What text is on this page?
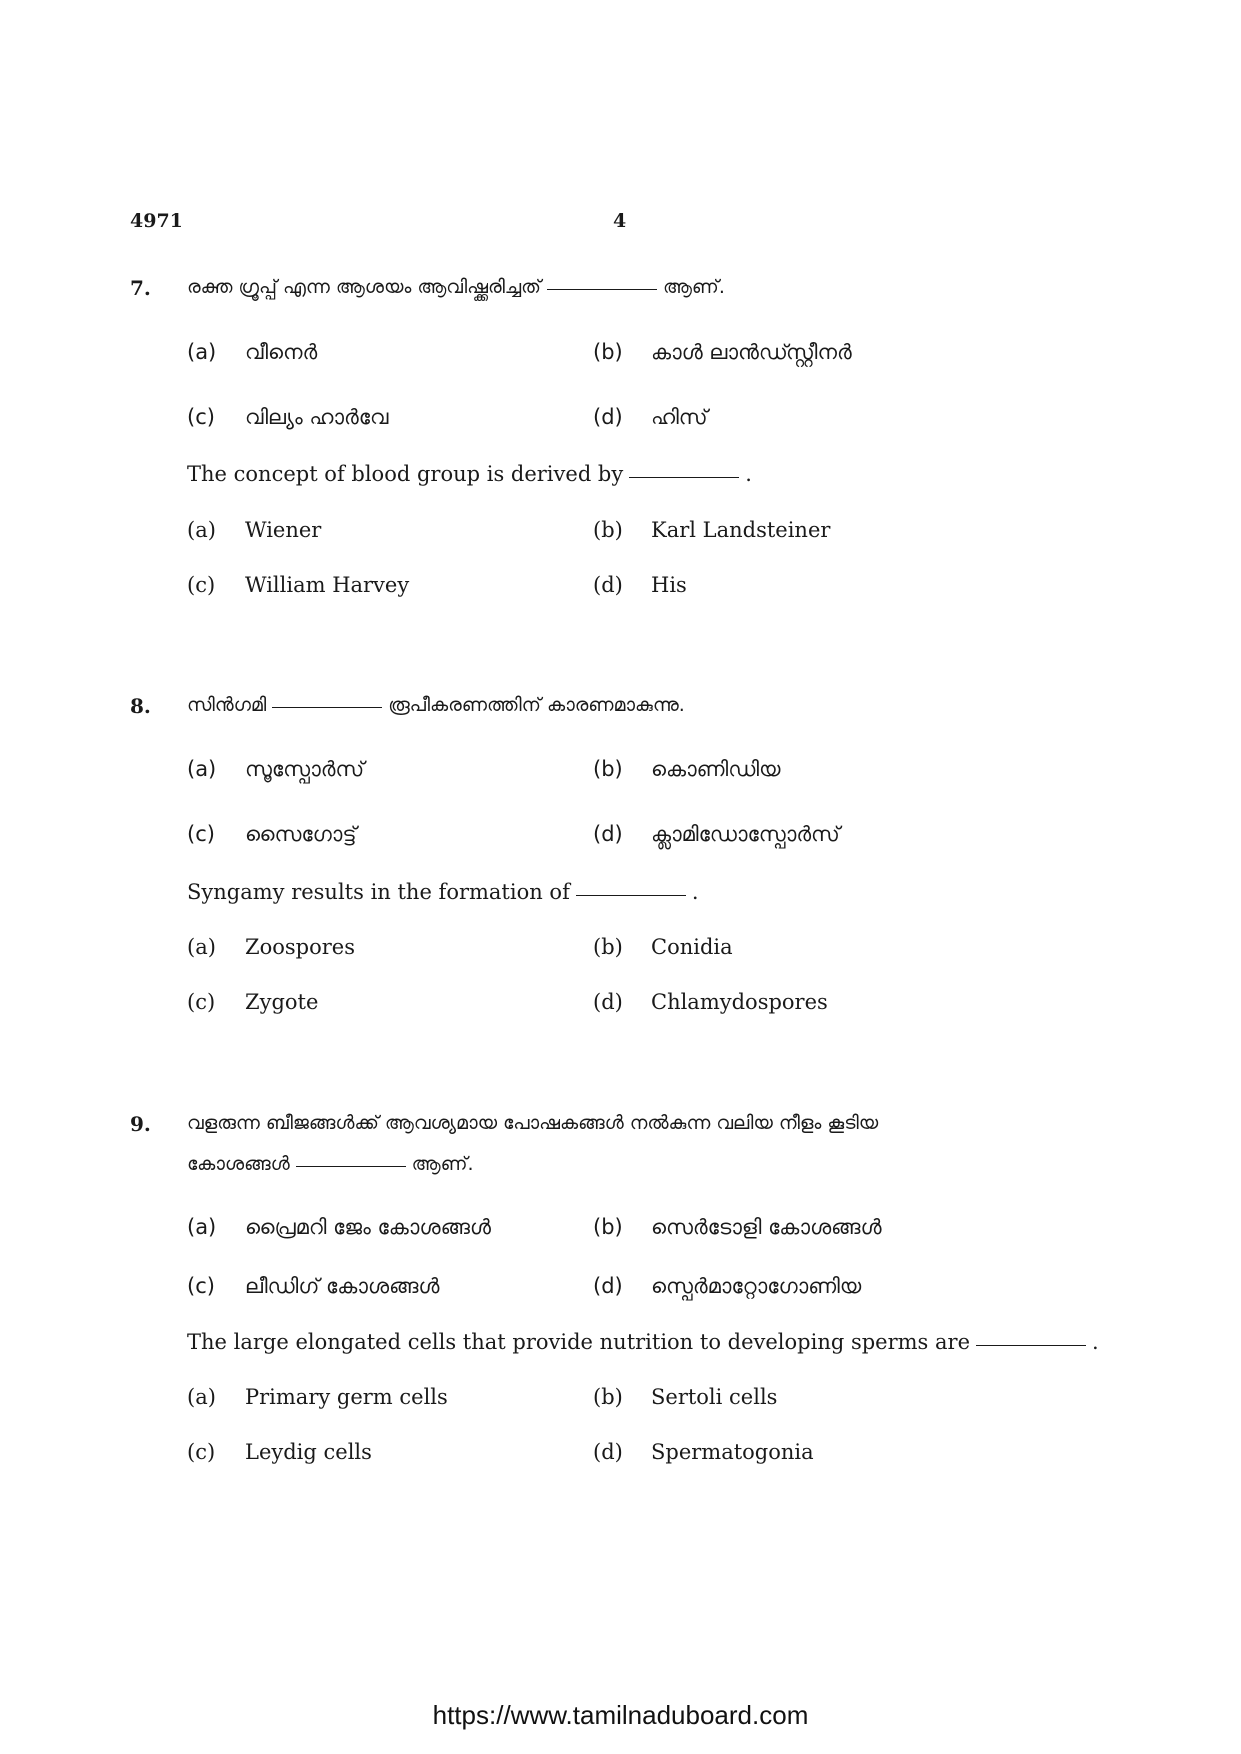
4971	4
7. രക്ത ഗ്രൂപ്പ് എന്ന ആശയം ആവിഷ്ക്കരിച്ചത്	ആണ്.
(a) വീനെർ	(b) കാൾ ലാൻഡ്സ്റ്റീനർ
(c) വില്യം ഹാർവേ	(d) ഹിസ്
The concept of blood group is derived by	.
(a) Wiener	(b) Karl Landsteiner
(c) William Harvey	(d) His
8. സിൻഗമി	രൂപീകരണത്തിന് കാരണമാകുന്നു.
(a) സൂസ്പോർസ്	(b) കൊണിഡിയ
(c) സൈഗോട്ട്	(d) ക്ലാമിഡോസ്പോർസ്
Syngamy results in the formation of	.
(a) Zoospores	(b) Conidia
(c) Zygote	(d) Chlamydospores
9. വളരുന്ന ബീജങ്ങൾക്ക് ആവശ്യമായ പോഷകങ്ങൾ നൽകുന്ന വലിയ നീളം കൂടിയ
കോശങ്ങൾ	ആണ്.
(a) പ്രൈമറി ജേം കോശങ്ങൾ	(b) സെർടോളി കോശങ്ങൾ
(c) ലീഡിഗ് കോശങ്ങൾ	(d) സ്പെർമാറ്റോഗോണിയ
The large elongated cells that provide nutrition to developing sperms are	.
(a) Primary germ cells	(b) Sertoli cells
(c) Leydig cells	(d) Spermatogonia
https://www.tamilnaduboard.com
